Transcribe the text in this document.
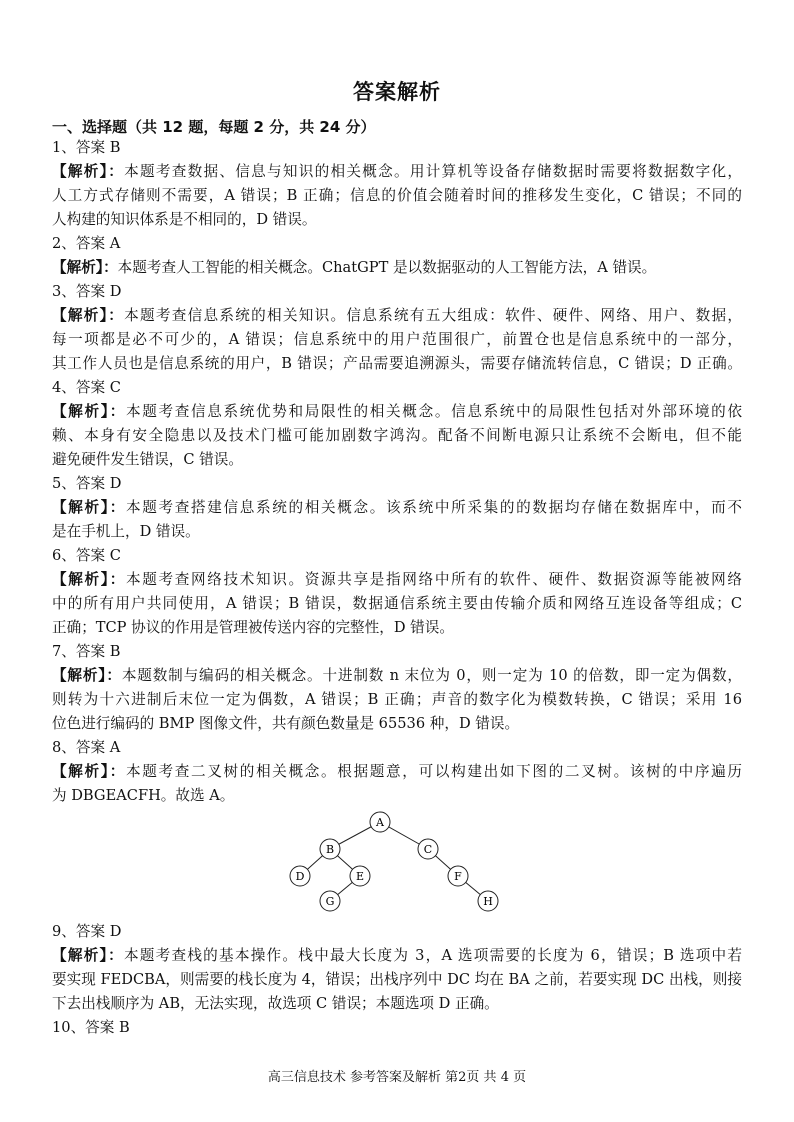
答案解析
一、选择题（共 12 题，每题 2 分，共 24 分）
1、答案 B
【解析】：本题考查数据、信息与知识的相关概念。用计算机等设备存储数据时需要将数据数字化，
人工方式存储则不需要，A 错误；B 正确；信息的价值会随着时间的推移发生变化，C 错误；不同的
人构建的知识体系是不相同的，D 错误。
2、答案 A
【解析】：本题考查人工智能的相关概念。ChatGPT 是以数据驱动的人工智能方法，A 错误。
3、答案 D
【解析】：本题考查信息系统的相关知识。信息系统有五大组成：软件、硬件、网络、用户、数据，
每一项都是必不可少的，A 错误；信息系统中的用户范围很广，前置仓也是信息系统中的一部分，
其工作人员也是信息系统的用户，B 错误；产品需要追溯源头，需要存储流转信息，C 错误；D 正确。
4、答案 C
【解析】：本题考查信息系统优势和局限性的相关概念。信息系统中的局限性包括对外部环境的依
赖、本身有安全隐患以及技术门槛可能加剧数字鸿沟。配备不间断电源只让系统不会断电，但不能
避免硬件发生错误，C 错误。
5、答案 D
【解析】：本题考查搭建信息系统的相关概念。该系统中所采集的的数据均存储在数据库中，而不
是在手机上，D 错误。
6、答案 C
【解析】：本题考查网络技术知识。资源共享是指网络中所有的软件、硬件、数据资源等能被网络
中的所有用户共同使用，A 错误；B 错误，数据通信系统主要由传输介质和网络互连设备等组成；C
正确；TCP 协议的作用是管理被传送内容的完整性，D 错误。
7、答案 B
【解析】：本题数制与编码的相关概念。十进制数 n 末位为 0，则一定为 10 的倍数，即一定为偶数，
则转为十六进制后末位一定为偶数，A 错误；B 正确；声音的数字化为模数转换，C 错误；采用 16
位色进行编码的 BMP 图像文件，共有颜色数量是 65536 种，D 错误。
8、答案 A
【解析】：本题考查二叉树的相关概念。根据题意，可以构建出如下图的二叉树。该树的中序遍历
为 DBGEACFH。故选 A。
A
B	C
D	E	F
G	H
9、答案 D
【解析】：本题考查栈的基本操作。栈中最大长度为 3，A 选项需要的长度为 6，错误；B 选项中若
要实现 FEDCBA，则需要的栈长度为 4，错误；出栈序列中 DC 均在 BA 之前，若要实现 DC 出栈，则接
下去出栈顺序为 AB，无法实现，故选项 C 错误；本题选项 D 正确。
10、答案 B
高三信息技术 参考答案及解析 第2页 共 4 页
